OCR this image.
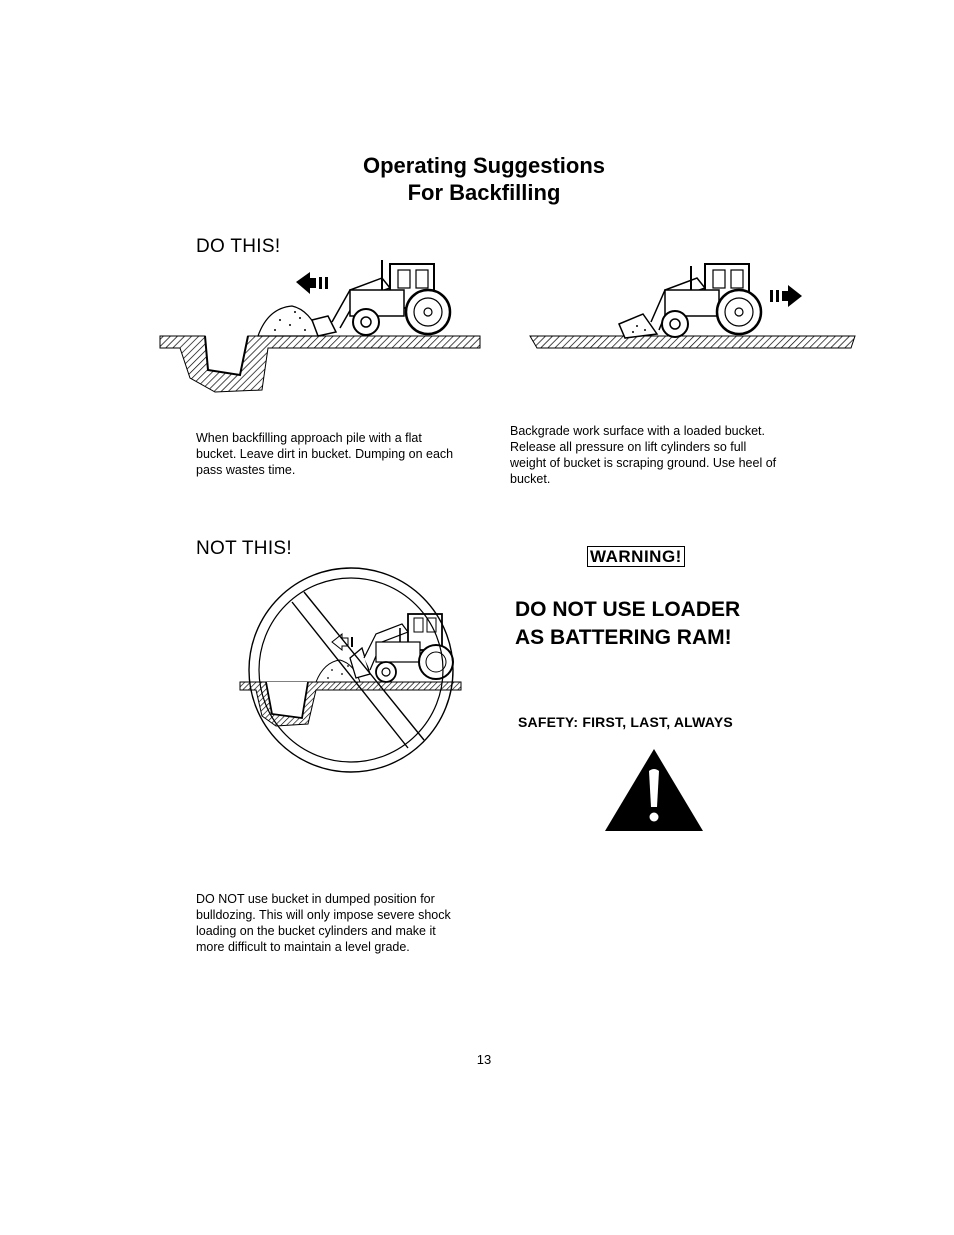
Operating Suggestions
For Backfilling
DO THIS!
When backfilling approach pile with a flat bucket. Leave dirt in bucket. Dumping on each pass wastes time.
Backgrade work surface with a loaded bucket. Release all pressure on lift cylinders so full weight of bucket is scraping ground. Use heel of bucket.
NOT THIS!
DO NOT use bucket in dumped position for bulldozing. This will only impose severe shock loading on the bucket cylinders and make it more difficult to maintain a level grade.
WARNING!
DO NOT USE LOADER
AS BATTERING RAM!
SAFETY: FIRST, LAST, ALWAYS
13
